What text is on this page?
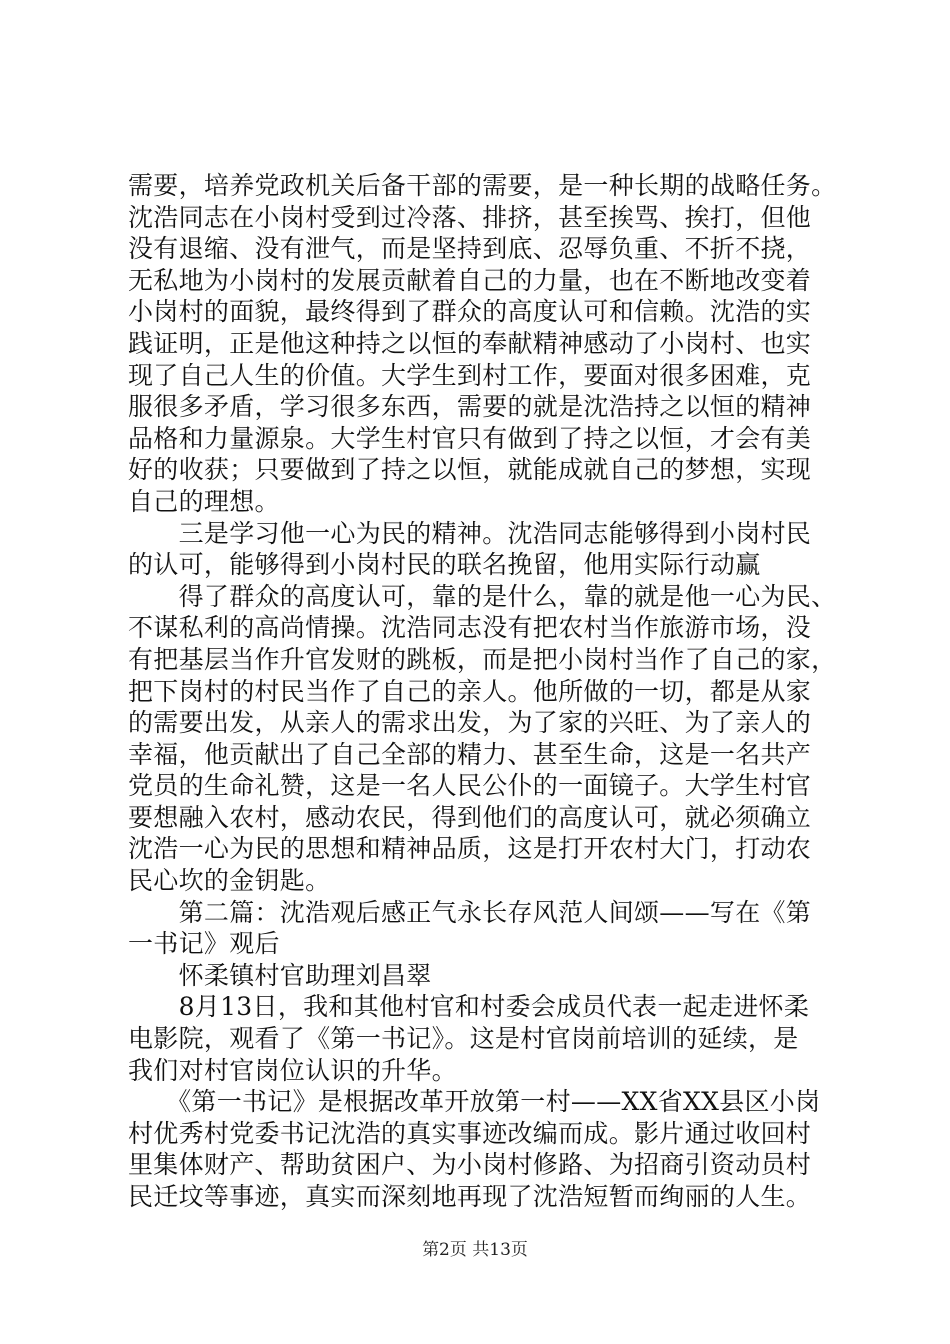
需要，培养党政机关后备干部的需要，是一种长期的战略任务。
沈浩同志在小岗村受到过冷落、排挤，甚至挨骂、挨打，但他
没有退缩、没有泄气，而是坚持到底、忍辱负重、不折不挠，
无私地为小岗村的发展贡献着自己的力量，也在不断地改变着
小岗村的面貌，最终得到了群众的高度认可和信赖。沈浩的实
践证明，正是他这种持之以恒的奉献精神感动了小岗村、也实
现了自己人生的价值。大学生到村工作，要面对很多困难，克
服很多矛盾，学习很多东西，需要的就是沈浩持之以恒的精神
品格和力量源泉。大学生村官只有做到了持之以恒，才会有美
好的收获；只要做到了持之以恒，就能成就自己的梦想，实现
自己的理想。
　　三是学习他一心为民的精神。沈浩同志能够得到小岗村民
的认可，能够得到小岗村民的联名挽留，他用实际行动赢
　　得了群众的高度认可，靠的是什么，靠的就是他一心为民、
不谋私利的高尚情操。沈浩同志没有把农村当作旅游市场，没
有把基层当作升官发财的跳板，而是把小岗村当作了自己的家，
把下岗村的村民当作了自己的亲人。他所做的一切，都是从家
的需要出发，从亲人的需求出发，为了家的兴旺、为了亲人的
幸福，他贡献出了自己全部的精力、甚至生命，这是一名共产
党员的生命礼赞，这是一名人民公仆的一面镜子。大学生村官
要想融入农村，感动农民，得到他们的高度认可，就必须确立
沈浩一心为民的思想和精神品质，这是打开农村大门，打动农
民心坎的金钥匙。
　　第二篇：沈浩观后感正气永长存风范人间颂——写在《第
一书记》观后
　　怀柔镇村官助理刘昌翠
　　8月13日，我和其他村官和村委会成员代表一起走进怀柔
电影院，观看了《第一书记》。这是村官岗前培训的延续，是
我们对村官岗位认识的升华。
　　《第一书记》是根据改革开放第一村——XX省XX县区小岗
村优秀村党委书记沈浩的真实事迹改编而成。影片通过收回村
里集体财产、帮助贫困户、为小岗村修路、为招商引资动员村
民迁坟等事迹，真实而深刻地再现了沈浩短暂而绚丽的人生。
第2页 共13页
